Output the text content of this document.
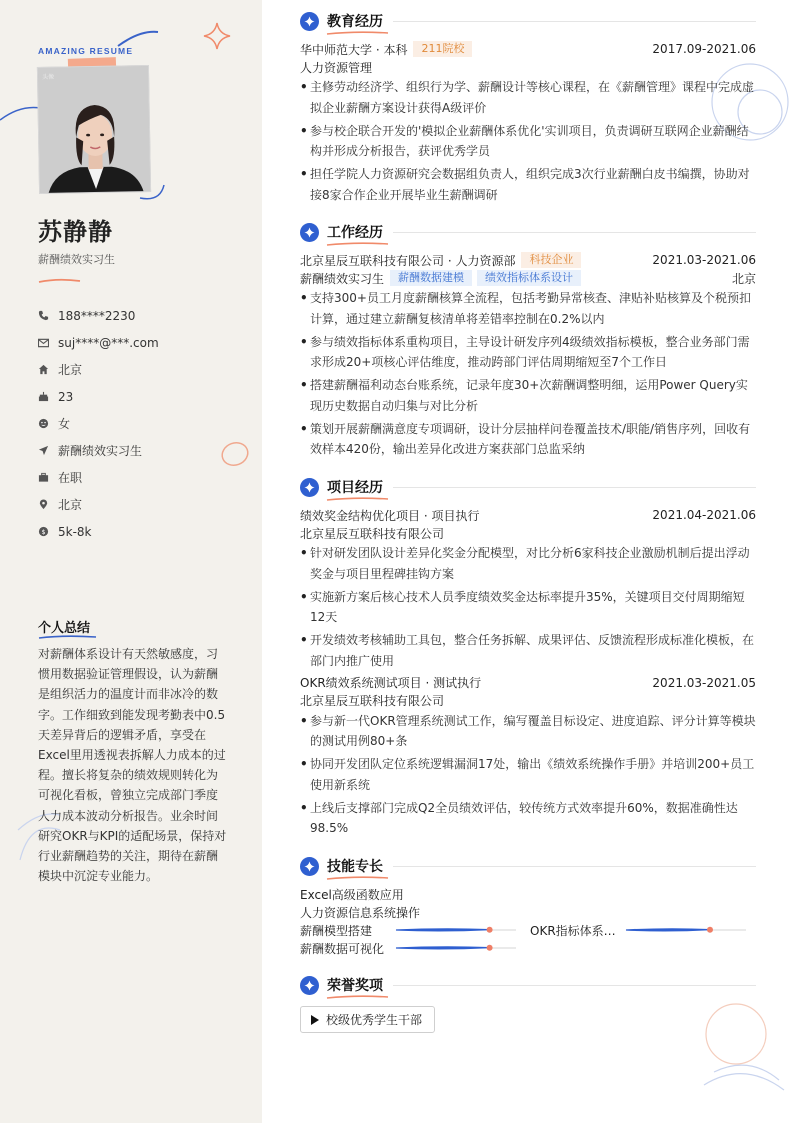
AMAZING RESUME
头像
苏静静
薪酬绩效实习生
188****2230
suj****@***.com
北京
23
女
薪酬绩效实习生
在职
北京
$ 5k-8k
个人总结
对薪酬体系设计有天然敏感度，习惯用数据验证管理假设，认为薪酬是组织活力的温度计而非冰冷的数字。工作细致到能发现考勤表中0.5天差异背后的逻辑矛盾，享受在Excel里用透视表拆解人力成本的过程。擅长将复杂的绩效规则转化为可视化看板，曾独立完成部门季度人力成本波动分析报告。业余时间研究OKR与KPI的适配场景，保持对行业薪酬趋势的关注，期待在薪酬模块中沉淀专业能力。
教育经历
华中师范大学 · 本科	211院校	2017.09-2021.06
人力资源管理
• 主修劳动经济学、组织行为学、薪酬设计等核心课程，在《薪酬管理》课程中完成虚拟企业薪酬方案设计获得A级评价
• 参与校企联合开发的'模拟企业薪酬体系优化'实训项目，负责调研互联网企业薪酬结构并形成分析报告，获评优秀学员
• 担任学院人力资源研究会数据组负责人，组织完成3次行业薪酬白皮书编撰，协助对接8家合作企业开展毕业生薪酬调研
工作经历
北京星辰互联科技有限公司 · 人力资源部	科技企业	2021.03-2021.06
薪酬绩效实习生	薪酬数据建模	绩效指标体系设计	北京
• 支持300+员工月度薪酬核算全流程，包括考勤异常核查、津贴补贴核算及个税预扣计算，通过建立薪酬复核清单将差错率控制在0.2%以内
• 参与绩效指标体系重构项目，主导设计研发序列4级绩效指标模板，整合业务部门需求形成20+项核心评估维度，推动跨部门评估周期缩短至7个工作日
• 搭建薪酬福利动态台账系统，记录年度30+次薪酬调整明细，运用Power Query实现历史数据自动归集与对比分析
• 策划开展薪酬满意度专项调研，设计分层抽样问卷覆盖技术/职能/销售序列，回收有效样本420份，输出差异化改进方案获部门总监采纳
项目经历
绩效奖金结构优化项目 · 项目执行	2021.04-2021.06
北京星辰互联科技有限公司
• 针对研发团队设计差异化奖金分配模型，对比分析6家科技企业激励机制后提出浮动奖金与项目里程碑挂钩方案
• 实施新方案后核心技术人员季度绩效奖金达标率提升35%，关键项目交付周期缩短12天
• 开发绩效考核辅助工具包，整合任务拆解、成果评估、反馈流程形成标准化模板，在部门内推广使用
OKR绩效系统测试项目 · 测试执行	2021.03-2021.05
北京星辰互联科技有限公司
• 参与新一代OKR管理系统测试工作，编写覆盖目标设定、进度追踪、评分计算等模块的测试用例80+条
• 协同开发团队定位系统逻辑漏洞17处，输出《绩效系统操作手册》并培训200+员工使用新系统
• 上线后支撑部门完成Q2全员绩效评估，较传统方式效率提升60%，数据准确性达98.5%
技能专长
Excel高级函数应用
人力资源信息系统操作
薪酬模型搭建	OKR指标体系…
薪酬数据可视化
荣誉奖项
校级优秀学生干部
